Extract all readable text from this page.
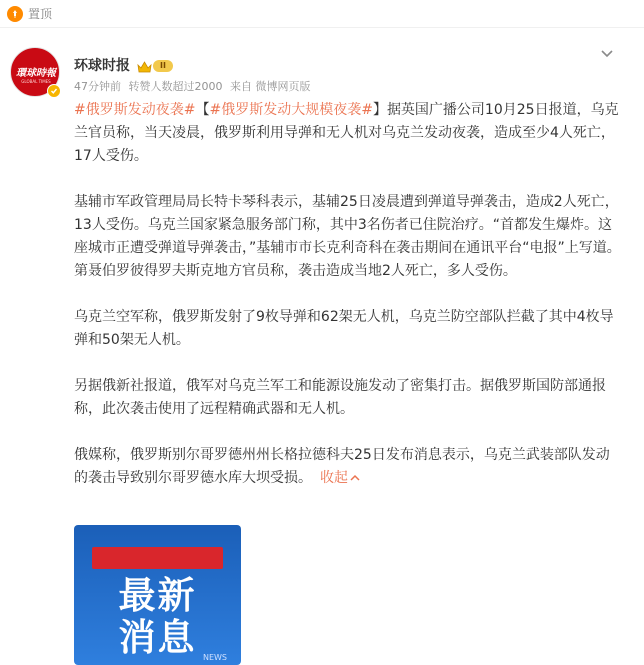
置顶
環球時報
GLOBAL TIMES
环球时报	II
47分钟前 转赞人数超过2000 来自 微博网页版

#俄罗斯发动夜袭#【#俄罗斯发动大规模夜袭#】据英国广播公司10月25日报道，乌克兰官员称，当天凌晨，俄罗斯利用导弹和无人机对乌克兰发动夜袭，造成至少4人死亡，17人受伤。

基辅市军政管理局局长特卡琴科表示，基辅25日凌晨遭到弹道导弹袭击，造成2人死亡，13人受伤。乌克兰国家紧急服务部门称，其中3名伤者已住院治疗。“首都发生爆炸。这座城市正遭受弹道导弹袭击，”基辅市市长克利奇科在袭击期间在通讯平台“电报”上写道。第聂伯罗彼得罗夫斯克地方官员称，袭击造成当地2人死亡，多人受伤。

乌克兰空军称，俄罗斯发射了9枚导弹和62架无人机，乌克兰防空部队拦截了其中4枚导弹和50架无人机。

另据俄新社报道，俄军对乌克兰军工和能源设施发动了密集打击。据俄罗斯国防部通报称，此次袭击使用了远程精确武器和无人机。

俄媒称，俄罗斯别尔哥罗德州州长格拉德科夫25日发布消息表示，乌克兰武装部队发动的袭击导致别尔哥罗德水库大坝受损。 收起

最新
消息 NEWS
